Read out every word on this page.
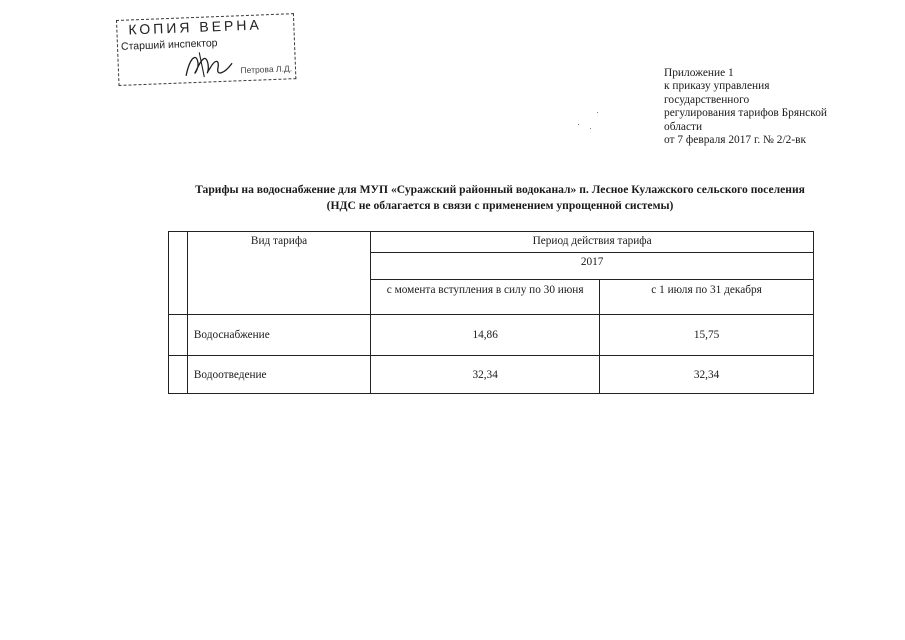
КОПИЯ ВЕРНА
Старший инспектор
Петрова Л.Д.	Приложение 1
к приказу управления
государственного
регулирования тарифов Брянской
области
от 7 февраля 2017 г. № 2/2-вк
Тарифы на водоснабжение для МУП «Суражский районный водоканал» п. Лесное Кулажского сельского поселения
(НДС не облагается в связи с применением упрощенной системы)
	Вид тарифа	Период действия тарифа	
		2017	
		с момента вступления в силу по 30 июня	с 1 июля по 31 декабря
	Водоснабжение	14,86	15,75
	Водоотведение	32,34	32,34
